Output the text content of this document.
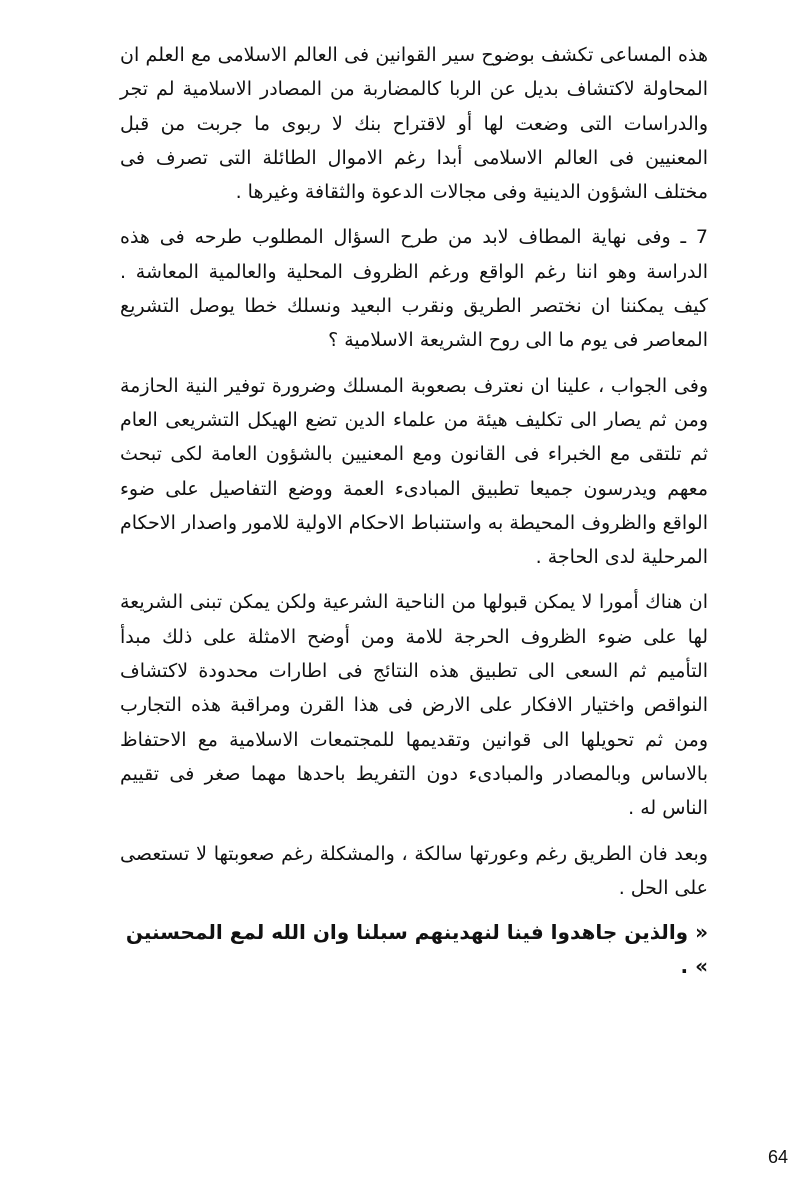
هذه المساعى تكشف بوضوح سير القوانين فى العالم الاسلامى مع العلم ان المحاولة لاكتشاف بديل عن الربا كالمضاربة من المصادر الاسلامية لم تجر والدراسات التى وضعت لها أو لاقتراح بنك لا ربوى ما جربت من قبل المعنيين فى العالم الاسلامى أبدا رغم الاموال الطائلة التى تصرف فى مختلف الشؤون الدينية وفى مجالات الدعوة والثقافة وغيرها .

7 ـ وفى نهاية المطاف لابد من طرح السؤال المطلوب طرحه فى هذه الدراسة وهو اننا رغم الواقع ورغم الظروف المحلية والعالمية المعاشة . كيف يمكننا ان نختصر الطريق ونقرب البعيد ونسلك خطا يوصل التشريع المعاصر فى يوم ما الى روح الشريعة الاسلامية ؟

وفى الجواب ، علينا ان نعترف بصعوبة المسلك وضرورة توفير النية الحازمة ومن ثم يصار الى تكليف هيئة من علماء الدين تضع الهيكل التشريعى العام ثم تلتقى مع الخبراء فى القانون ومع المعنيين بالشؤون العامة لكى تبحث معهم ويدرسون جميعا تطبيق المبادىء العمة ووضع التفاصيل على ضوء الواقع والظروف المحيطة به واستنباط الاحكام الاولية للامور واصدار الاحكام المرحلية لدى الحاجة .

ان هناك أمورا لا يمكن قبولها من الناحية الشرعية ولكن يمكن تبنى الشريعة لها على ضوء الظروف الحرجة للامة ومن أوضح الامثلة على ذلك مبدأ التأميم ثم السعى الى تطبيق هذه النتائج فى اطارات محدودة لاكتشاف النواقص واختيار الافكار على الارض فى هذا القرن ومراقبة هذه التجارب ومن ثم تحويلها الى قوانين وتقديمها للمجتمعات الاسلامية مع الاحتفاظ بالاساس وبالمصادر والمبادىء دون التفريط باحدها مهما صغر فى تقييم الناس له .

وبعد فان الطريق رغم وعورتها سالكة ، والمشكلة رغم صعوبتها لا تستعصى على الحل .

« والذين جاهدوا فينا لنهدينهم سبلنا وان الله لمع المحسنين » .

64
